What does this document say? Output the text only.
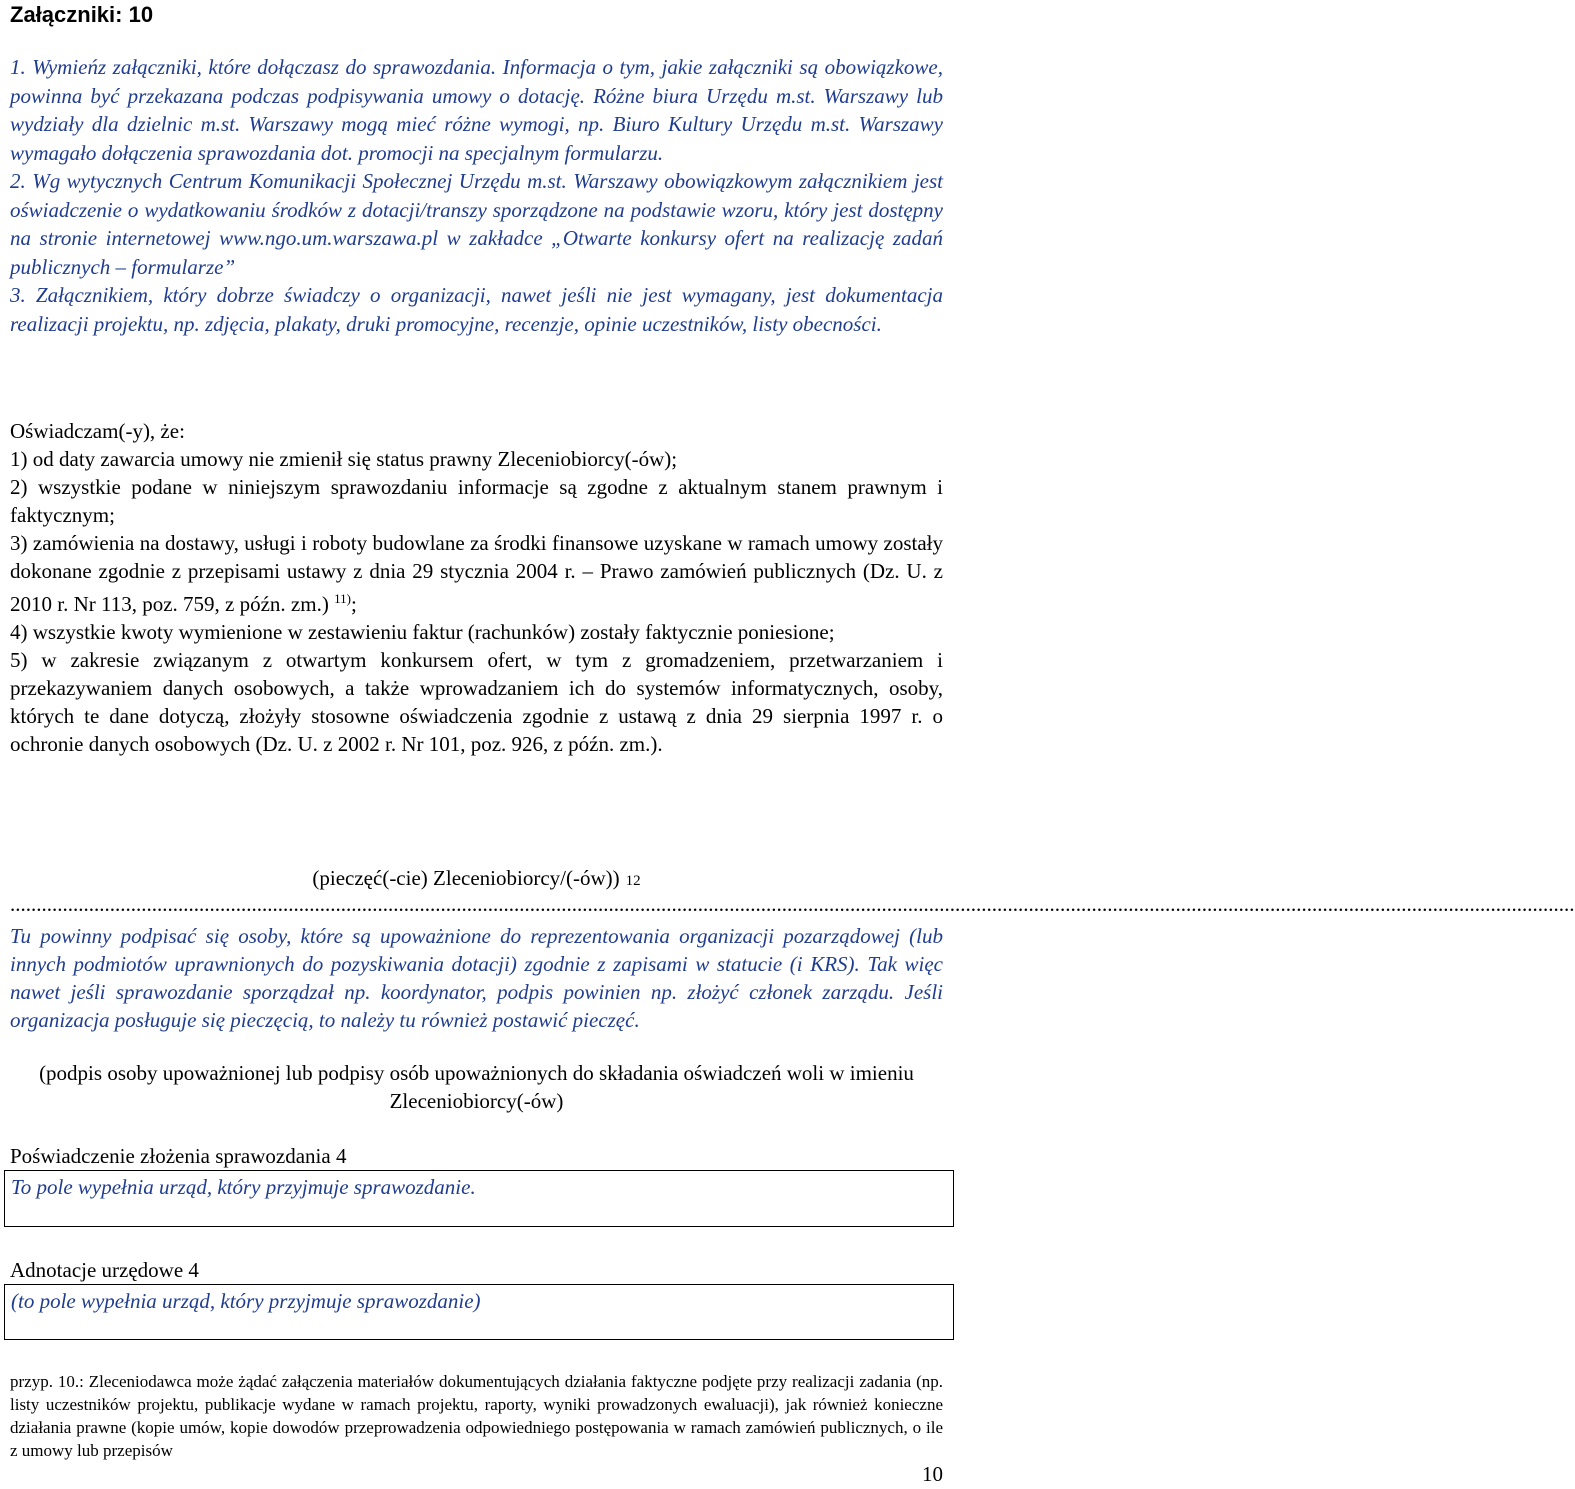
Załączniki: 10

1. Wymieńz załączniki, które dołączasz do sprawozdania. Informacja o tym, jakie załączniki są obowiązkowe, powinna być przekazana podczas podpisywania umowy o dotację. Różne biura Urzędu m.st. Warszawy lub wydziały dla dzielnic m.st. Warszawy mogą mieć różne wymogi, np. Biuro Kultury Urzędu m.st. Warszawy wymagało dołączenia sprawozdania dot. promocji na specjalnym formularzu.

2. Wg wytycznych Centrum Komunikacji Społecznej Urzędu m.st. Warszawy obowiązkowym załącznikiem jest oświadczenie o wydatkowaniu środków z dotacji/transzy sporządzone na podstawie wzoru, który jest dostępny na stronie internetowej www.ngo.um.warszawa.pl w zakładce „Otwarte konkursy ofert na realizację zadań publicznych – formularze”

3. Załącznikiem, który dobrze świadczy o organizacji, nawet jeśli nie jest wymagany, jest dokumentacja realizacji projektu, np. zdjęcia, plakaty, druki promocyjne, recenzje, opinie uczestników, listy obecności.

Oświadczam(-y), że:

1) od daty zawarcia umowy nie zmienił się status prawny Zleceniobiorcy(-ów);

2) wszystkie podane w niniejszym sprawozdaniu informacje są zgodne z aktualnym stanem prawnym i faktycznym;

3) zamówienia na dostawy, usługi i roboty budowlane za środki finansowe uzyskane w ramach umowy zostały dokonane zgodnie z przepisami ustawy z dnia 29 stycznia 2004 r. – Prawo zamówień publicznych (Dz. U. z 2010 r. Nr 113, poz. 759, z późn. zm.) $^{11)}$;

4) wszystkie kwoty wymienione w zestawieniu faktur (rachunków) zostały faktycznie poniesione;

5) w zakresie związanym z otwartym konkursem ofert, w tym z gromadzeniem, przetwarzaniem i przekazywaniem danych osobowych, a także wprowadzaniem ich do systemów informatycznych, osoby, których te dane dotyczą, złożyły stosowne oświadczenia zgodnie z ustawą z dnia 29 sierpnia 1997 r. o ochronie danych osobowych (Dz. U. z 2002 r. Nr 101, poz. 926, z późn. zm.).

(pieczęć(-cie) Zleceniobiorcy/(-ów)) 12
..........................................................................................................................................................................................................................................................................................................
Tu powinny podpisać się osoby, które są upoważnione do reprezentowania organizacji pozarządowej (lub innych podmiotów uprawnionych do pozyskiwania dotacji) zgodnie z zapisami w statucie (i KRS). Tak więc nawet jeśli sprawozdanie sporządzał np. koordynator, podpis powinien np. złożyć członek zarządu. Jeśli organizacja posługuje się pieczęcią, to należy tu również postawić pieczęć.
(podpis osoby upoważnionej lub podpisy osób upoważnionych do składania oświadczeń woli w imieniu Zleceniobiorcy(-ów)
Poświadczenie złożenia sprawozdania 4
To pole wypełnia urząd, który przyjmuje sprawozdanie.
Adnotacje urzędowe 4
(to pole wypełnia urząd, który przyjmuje sprawozdanie)
przyp. 10.: Zleceniodawca może żądać załączenia materiałów dokumentujących działania faktyczne podjęte przy realizacji zadania (np. listy uczestników projektu, publikacje wydane w ramach projektu, raporty, wyniki prowadzonych ewaluacji), jak również konieczne działania prawne (kopie umów, kopie dowodów przeprowadzenia odpowiedniego postępowania w ramach zamówień publicznych, o ile z umowy lub przepisów
10
